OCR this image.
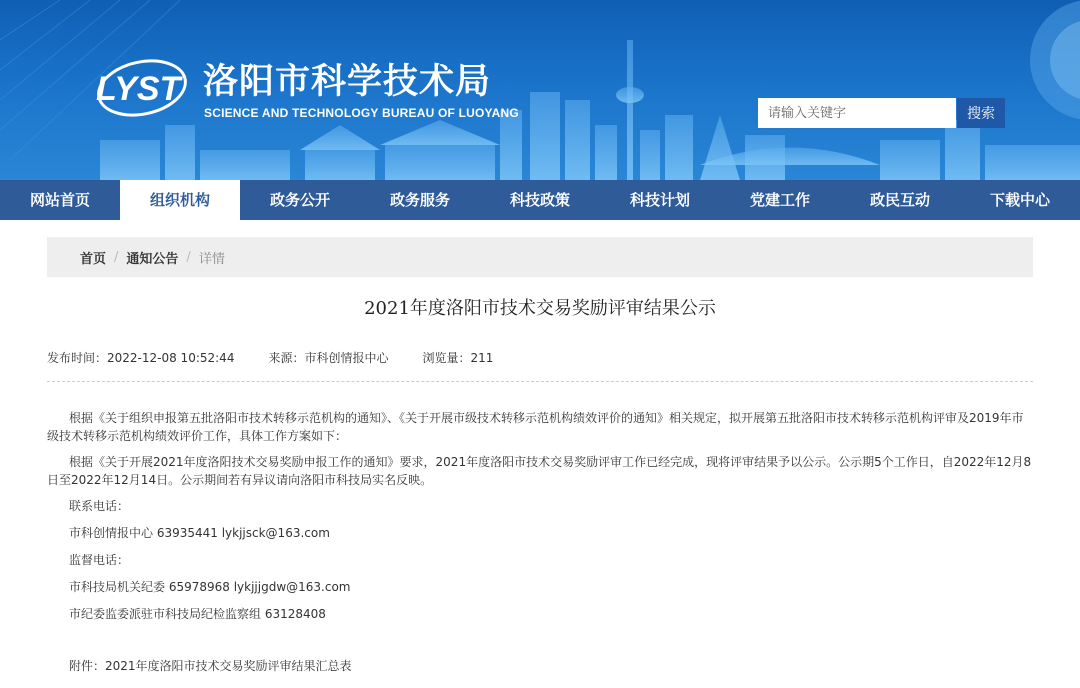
LYST 洛阳市科学技术局
SCIENCE AND TECHNOLOGY BUREAU OF LUOYANG
请输入关键字	搜索
网站首页	组织机构	政务公开	政务服务	科技政策	科技计划	党建工作	政民互动	下载中心
首页 / 通知公告 / 详情
2021年度洛阳市技术交易奖励评审结果公示
发布时间：2022-12-08 10:52:44	来源：市科创情报中心	浏览量：211

根据《关于组织申报第五批洛阳市技术转移示范机构的通知》、《关于开展市级技术转移示范机构绩效评价的通知》相关规定，拟开展第五批洛阳市技术转移示范机构评审及2019年市级技术转移示范机构绩效评价工作，具体工作方案如下：

根据《关于开展2021年度洛阳技术交易奖励申报工作的通知》要求，2021年度洛阳市技术交易奖励评审工作已经完成，现将评审结果予以公示。公示期5个工作日，自2022年12月8日至2022年12月14日。公示期间若有异议请向洛阳市科技局实名反映。

联系电话：
市科创情报中心 63935441 lykjjsck@163.com
监督电话：
市科技局机关纪委 65978968 lykjjjgdw@163.com
市纪委监委派驻市科技局纪检监察组 63128408
附件：2021年度洛阳市技术交易奖励评审结果汇总表
